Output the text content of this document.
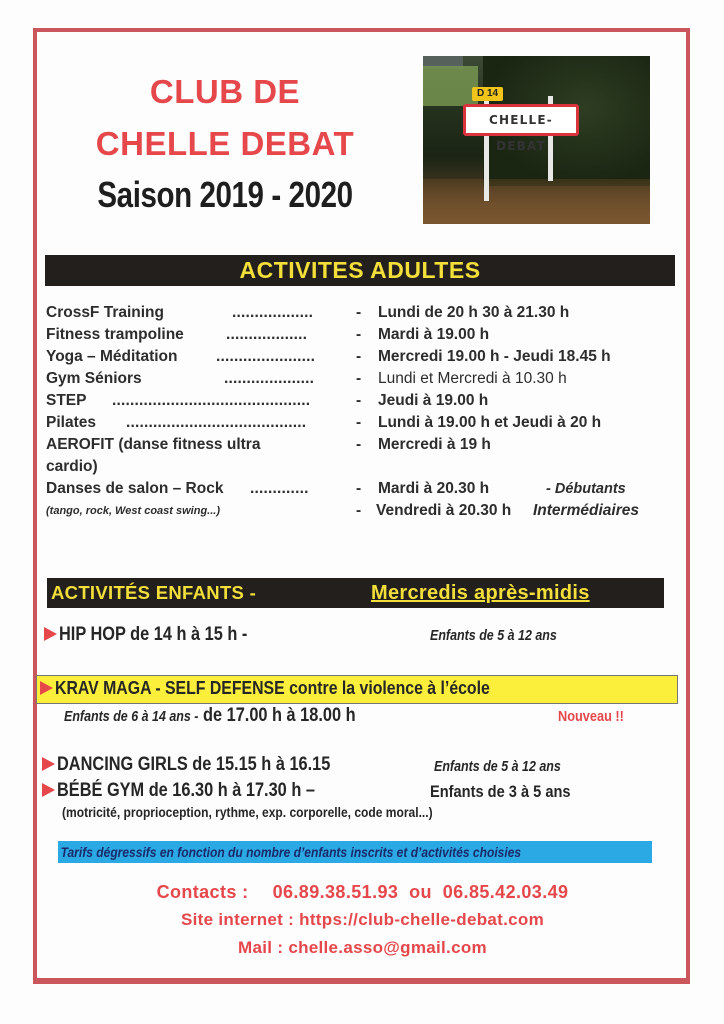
CLUB DE
CHELLE DEBAT
Saison 2019 - 2020
D 14
CHELLE-DEBAT
ACTIVITES ADULTES
CrossF Training	..................	- Lundi de 20 h 30 à 21.30 h
Fitness trampoline	..................	- Mardi à 19.00 h
Yoga – Méditation ......................	- Mercredi 19.00 h - Jeudi 18.45 h
Gym Séniors	....................	- Lundi et Mercredi à 10.30 h
STEP ............................................	- Jeudi à 19.00 h
Pilates ........................................	- Lundi à 19.00 h et Jeudi à 20 h
AEROFIT (danse fitness ultra	- Mercredi à 19 h
cardio)
Danses de salon – Rock .............	- Mardi à 20.30 h	- Débutants
(tango, rock, West coast swing...)	- Vendredi à 20.30 h Intermédiaires
ACTIVITÉS ENFANTS -	Mercredis après-midis
HIP HOP de 14 h à 15 h -	Enfants de 5 à 12 ans
KRAV MAGA - SELF DEFENSE contre la violence à l’école
Enfants de 6 à 14 ans - de 17.00 h à 18.00 h	Nouveau !!
DANCING GIRLS de 15.15 h à 16.15	Enfants de 5 à 12 ans
BÉBÉ GYM de 16.30 h à 17.30 h –	Enfants de 3 à 5 ans
(motricité, proprioception, rythme, exp. corporelle, code moral...)
Tarifs dégressifs en fonction du nombre d’enfants inscrits et d’activités choisies
Contacts : 06.89.38.51.93 ou 06.85.42.03.49
Site internet : https://club-chelle-debat.com
Mail : chelle.asso@gmail.com
